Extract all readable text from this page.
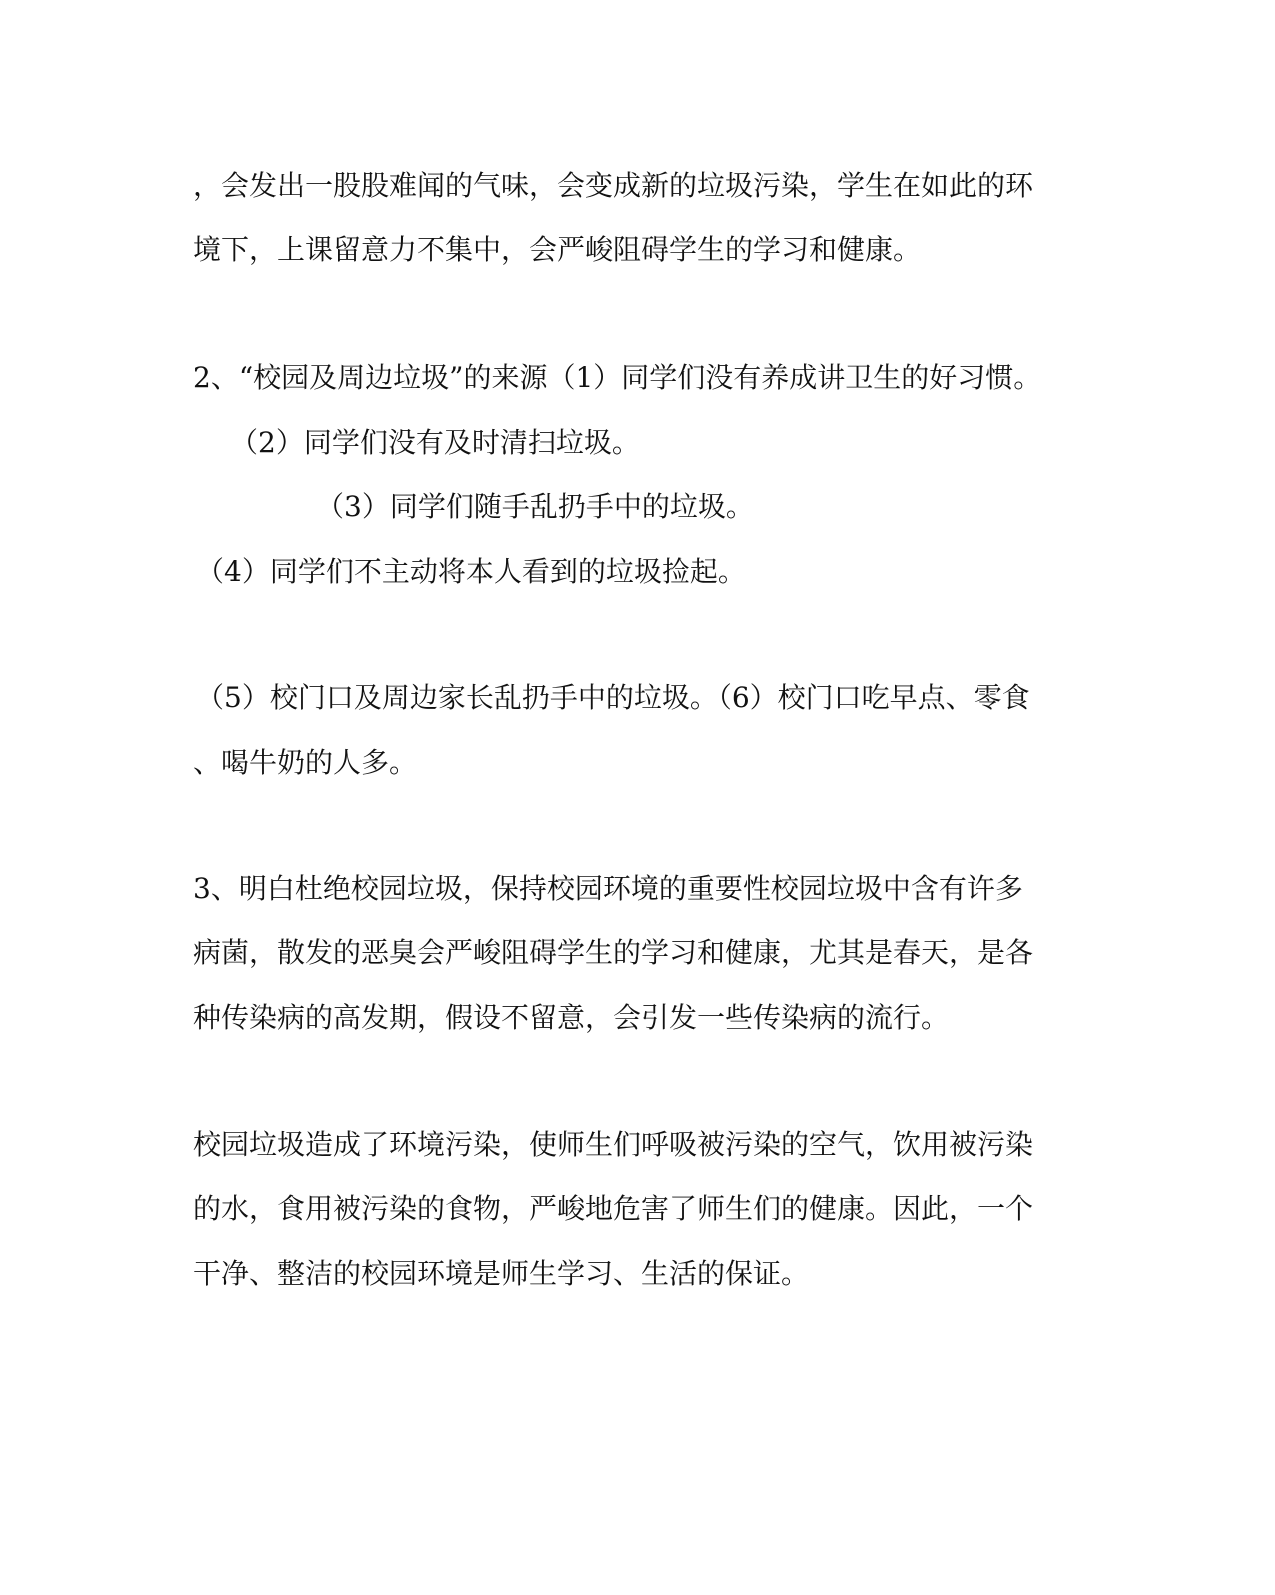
，会发出一股股难闻的气味，会变成新的垃圾污染，学生在如此的环
境下，上课留意力不集中，会严峻阻碍学生的学习和健康。
2、“校园及周边垃圾”的来源（1）同学们没有养成讲卫生的好习惯。
（2）同学们没有及时清扫垃圾。
（3）同学们随手乱扔手中的垃圾。
（4）同学们不主动将本人看到的垃圾捡起。
（5）校门口及周边家长乱扔手中的垃圾。（6）校门口吃早点、零食
、喝牛奶的人多。
3、明白杜绝校园垃圾，保持校园环境的重要性校园垃圾中含有许多
病菌，散发的恶臭会严峻阻碍学生的学习和健康，尤其是春天，是各
种传染病的高发期，假设不留意，会引发一些传染病的流行。
校园垃圾造成了环境污染，使师生们呼吸被污染的空气，饮用被污染
的水，食用被污染的食物，严峻地危害了师生们的健康。因此，一个
干净、整洁的校园环境是师生学习、生活的保证。
